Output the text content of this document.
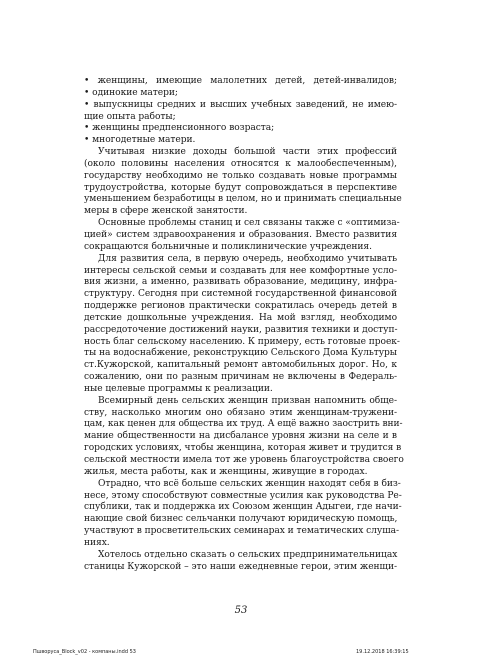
• женщины, имеющие малолетних детей, детей-инвалидов;
• одинокие матери;
• выпускницы средних и высших учебных заведений, не имею-
щие опыта работы;
• женщины предпенсионного возраста;
• многодетные матери.
Учитывая низкие доходы большой части этих профессий
(около половины населения относятся к малообеспеченным),
государству необходимо не только создавать новые программы
трудоустройства, которые будут сопровождаться в перспективе
уменьшением безработицы в целом, но и принимать специальные
меры в сфере женской занятости.
Основные проблемы станиц и сел связаны также с «оптимиза-
цией» систем здравоохранения и образования. Вместо развития
сокращаются больничные и поликлинические учреждения.
Для развития села, в первую очередь, необходимо учитывать
интересы сельской семьи и создавать для нее комфортные усло-
вия жизни, а именно, развивать образование, медицину, инфра-
структуру. Сегодня при системной государственной финансовой
поддержке регионов практически сократилась очередь детей в
детские дошкольные учреждения. На мой взгляд, необходимо
рассредоточение достижений науки, развития техники и доступ-
ность благ сельскому населению. К примеру, есть готовые проек-
ты на водоснабжение, реконструкцию Сельского Дома Культуры
ст.Кужорской, капитальный ремонт автомобильных дорог. Но, к
сожалению, они по разным причинам не включены в Федераль-
ные целевые программы к реализации.
Всемирный день сельских женщин призван напомнить обще-
ству, насколько многим оно обязано этим женщинам-тружени-
цам, как ценен для общества их труд. А ещё важно заострить вни-
мание общественности на дисбалансе уровня жизни на селе и в
городских условиях, чтобы женщина, которая живет и трудится в
сельской местности имела тот же уровень благоустройства своего
жилья, места работы, как и женщины, живущие в городах.
Отрадно, что всё больше сельских женщин находят себя в биз-
несе, этому способствуют совместные усилия как руководства Ре-
спублики, так и поддержка их Союзом женщин Адыгеи, где начи-
нающие свой бизнес сельчанки получают юридическую помощь,
участвуют в просветительских семинарах и тематических слуша-
ниях.
Хотелось отдельно сказать о сельских предпринимательницах
станицы Кужорской – это наши ежедневные герои, этим женщи-
53
Пшворуса_Block_v02 - компаны.indd 53	19.12.2018 16:39:15
